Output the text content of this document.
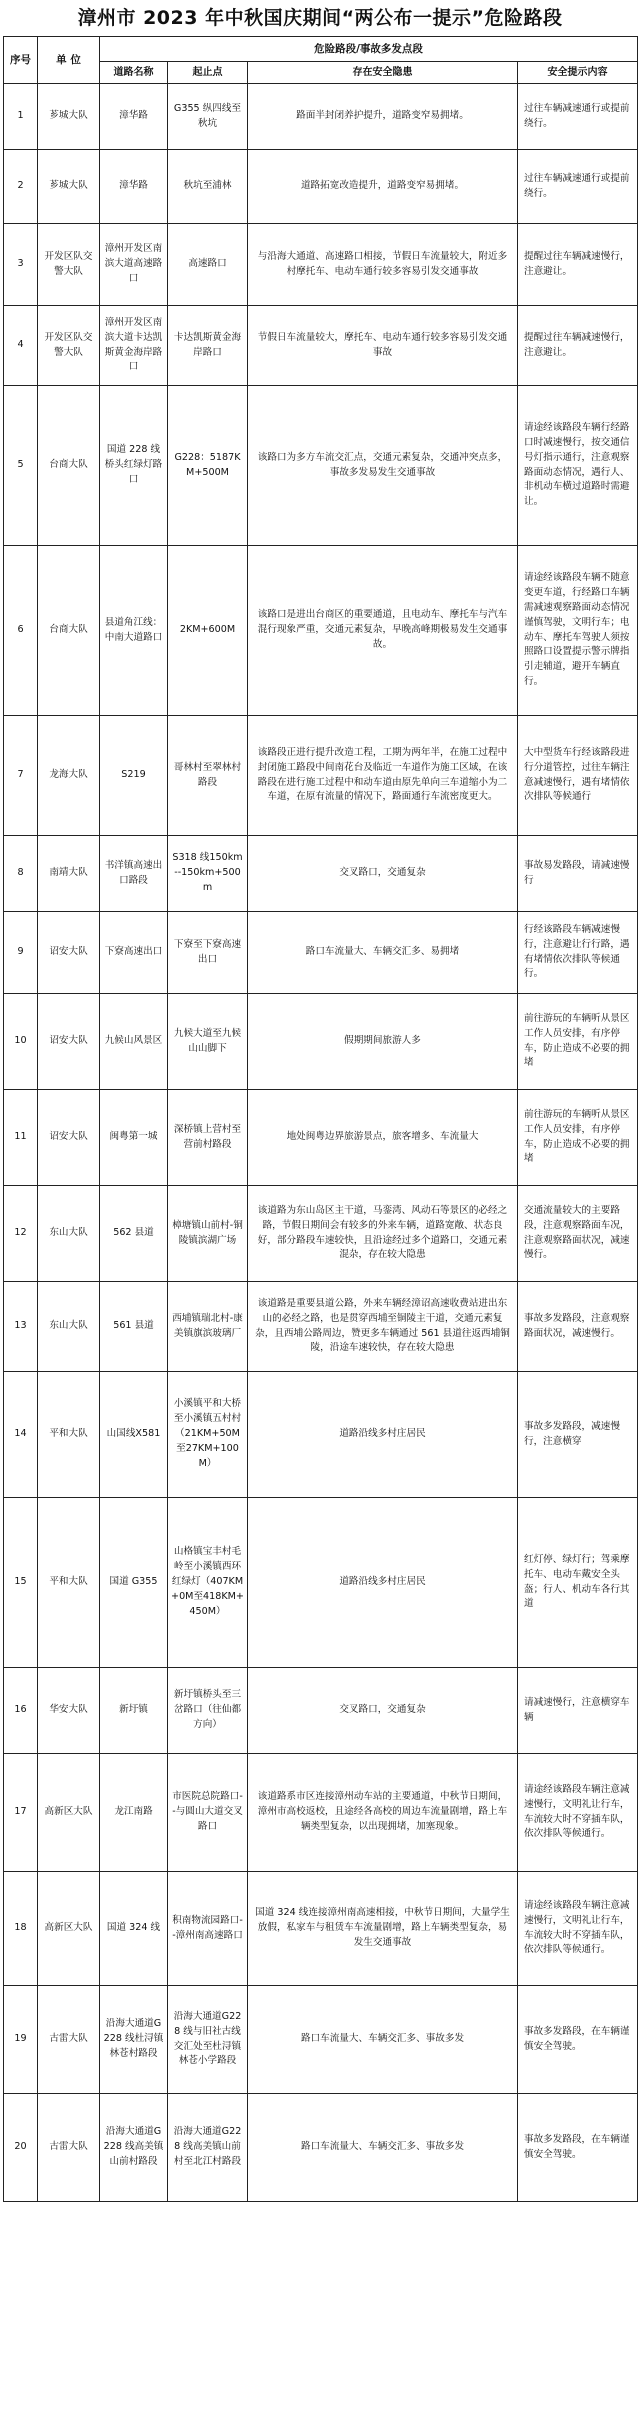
漳州市 2023 年中秋国庆期间“两公布一提示”危险路段
序号	单 位	危险路段/事故多发点段			
		道路名称	起止点	存在安全隐患	安全提示内容
1	芗城大队	漳华路	G355 纵四线至秋坑	路面半封闭养护提升，道路变窄易拥堵。	过往车辆减速通行或提前绕行。
2	芗城大队	漳华路	秋坑至浦林	道路拓宽改造提升，道路变窄易拥堵。	过往车辆减速通行或提前绕行。
3	开发区队交警大队	漳州开发区南滨大道高速路口	高速路口	与沿海大通道、高速路口相接，节假日车流量较大，附近多村摩托车、电动车通行较多容易引发交通事故	提醒过往车辆减速慢行，注意避让。
4	开发区队交警大队	漳州开发区南滨大道卡达凯斯黄金海岸路口	卡达凯斯黄金海岸路口	节假日车流量较大，摩托车、电动车通行较多容易引发交通事故	提醒过往车辆减速慢行，注意避让。
5	台商大队	国道 228 线桥头红绿灯路口	G228：5187KM+500M	该路口为多方车流交汇点，交通元素复杂，交通冲突点多，事故多发易发生交通事故	请途经该路段车辆行经路口时减速慢行，按交通信号灯指示通行，注意观察路面动态情况，遇行人、非机动车横过道路时需避让。
6	台商大队	县道角江线：中南大道路口	2KM+600M	该路口是进出台商区的重要通道，且电动车、摩托车与汽车混行现象严重，交通元素复杂，早晚高峰期极易发生交通事故。	请途经该路段车辆不随意变更车道，行经路口车辆需减速观察路面动态情况谨慎驾驶，文明行车；电动车、摩托车驾驶人须按照路口设置提示警示牌指引走辅道，避开车辆直行。
7	龙海大队	S219	哥林村至翠林村路段	该路段正进行提升改造工程，工期为两年半，在施工过程中封闭施工路段中间南花台及临近一车道作为施工区域，在该路段在进行施工过程中和动车道由原先单向三车道缩小为二车道，在原有流量的情况下，路面通行车流密度更大。	大中型货车行经该路段进行分道管控，过往车辆注意减速慢行，遇有堵情依次排队等候通行
8	南靖大队	书洋镇高速出口路段	S318 线150km--150km+500m	交叉路口，交通复杂	事故易发路段，请减速慢行
9	诏安大队	下寮高速出口	下寮至下寮高速出口	路口车流量大、车辆交汇多、易拥堵	行经该路段车辆减速慢行，注意避让行行路，遇有堵情依次排队等候通行。
10	诏安大队	九候山风景区	九候大道至九候山山脚下	假期期间旅游人多	前往游玩的车辆听从景区工作人员安排，有序停车，防止造成不必要的拥堵
11	诏安大队	闽粤第一城	深桥镇上营村至营前村路段	地处闽粤边界旅游景点，旅客增多、车流量大	前往游玩的车辆听从景区工作人员安排，有序停车，防止造成不必要的拥堵
12	东山大队	562 县道	樟塘镇山前村-铜陵镇滨湖广场	该道路为东山岛区主干道，马銮湾、风动石等景区的必经之路，节假日期间会有较多的外来车辆，道路宽敞、状态良好，部分路段车速较快，且沿途经过多个道路口，交通元素混杂，存在较大隐患	交通流量较大的主要路段，注意观察路面车况，注意观察路面状况，减速慢行。
13	东山大队	561 县道	西埔镇瑞北村-康美镇旗滨玻璃厂	该道路是重要县道公路，外来车辆经漳诏高速收费站进出东山的必经之路，也是贯穿西埔至铜陵主干道，交通元素复杂，且西埔公路周边，赞更多车辆通过 561 县道往返西埔铜陵，沿途车速较快，存在较大隐患	事故多发路段，注意观察路面状况，减速慢行。
14	平和大队	山国线X581	小溪镇平和大桥至小溪镇五村村（21KM+50M至27KM+100M）	道路沿线多村庄居民	事故多发路段，减速慢行，注意横穿
15	平和大队	国道 G355	山格镇宝丰村毛岭至小溪镇西环红绿灯（407KM+0M至418KM+450M）	道路沿线多村庄居民	红灯停、绿灯行；驾乘摩托车、电动车戴安全头盔；行人、机动车各行其道
16	华安大队	新圩镇	新圩镇桥头至三岔路口（往仙都方向）	交叉路口，交通复杂	请减速慢行，注意横穿车辆
17	高新区大队	龙江南路	市医院总院路口--与圆山大道交叉路口	该道路系市区连接漳州动车站的主要通道，中秋节日期间，漳州市高校返校，且途经各高校的周边车流量剧增，路上车辆类型复杂，以出现拥堵，加塞现象。	请途经该路段车辆注意减速慢行，文明礼让行车，车流较大时不穿插车队，依次排队等候通行。
18	高新区大队	国道 324 线	积南物流园路口--漳州南高速路口	国道 324 线连接漳州南高速相接，中秋节日期间，大量学生放假，私家车与租赁车车流量剧增，路上车辆类型复杂，易发生交通事故	请途经该路段车辆注意减速慢行，文明礼让行车，车流较大时不穿插车队，依次排队等候通行。
19	古雷大队	沿海大通道G228 线杜浔镇林苍村路段	沿海大通道G228 线与旧社古线交汇处至杜浔镇林苍小学路段	路口车流量大、车辆交汇多、事故多发	事故多发路段，在车辆谨慎安全驾驶。
20	古雷大队	沿海大通道G228 线高美镇山前村路段	沿海大通道G228 线高美镇山前村至北江村路段	路口车流量大、车辆交汇多、事故多发	事故多发路段，在车辆谨慎安全驾驶。
